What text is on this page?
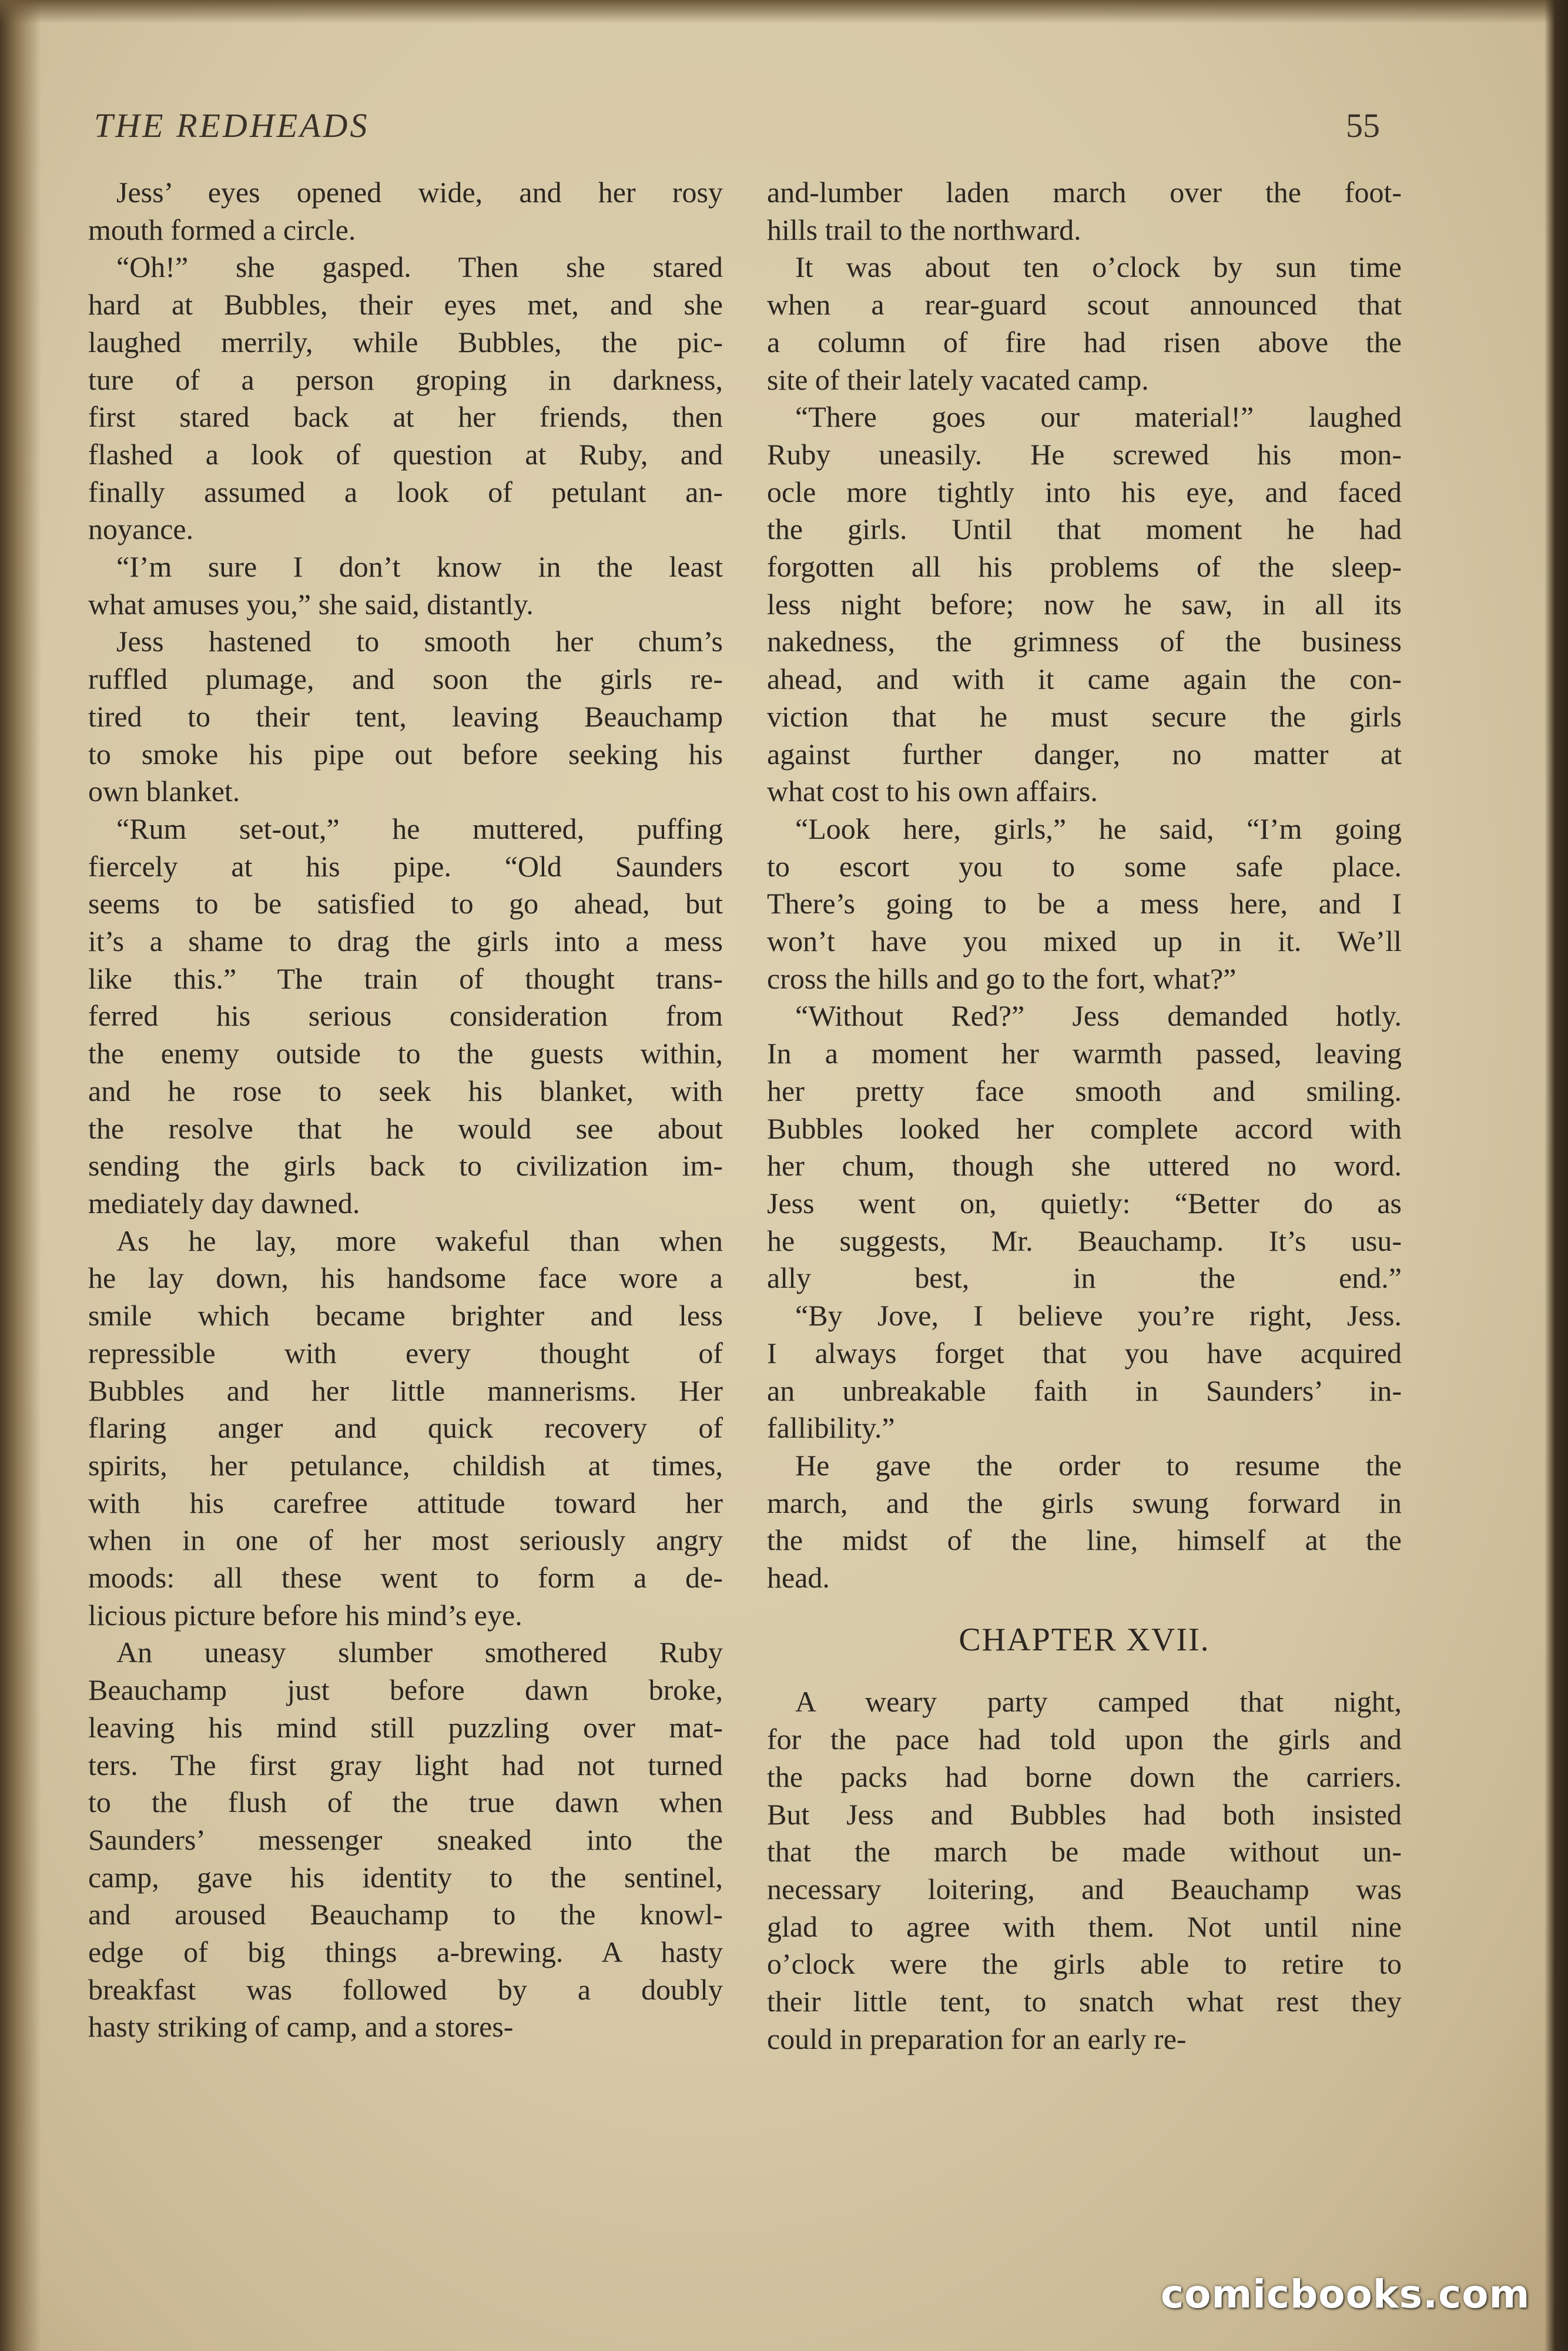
THE REDHEADS	55
Jess’ eyes opened wide, and her rosy
mouth formed a circle.
“Oh!” she gasped. Then she stared
hard at Bubbles, their eyes met, and she
laughed merrily, while Bubbles, the pic-
ture of a person groping in darkness,
first stared back at her friends, then
flashed a look of question at Ruby, and
finally assumed a look of petulant an-
noyance.
“I’m sure I don’t know in the least
what amuses you,” she said, distantly.
Jess hastened to smooth her chum’s
ruffled plumage, and soon the girls re-
tired to their tent, leaving Beauchamp
to smoke his pipe out before seeking his
own blanket.
“Rum set-out,” he muttered, puffing
fiercely at his pipe. “Old Saunders
seems to be satisfied to go ahead, but
it’s a shame to drag the girls into a mess
like this.” The train of thought trans-
ferred his serious consideration from
the enemy outside to the guests within,
and he rose to seek his blanket, with
the resolve that he would see about
sending the girls back to civilization im-
mediately day dawned.
As he lay, more wakeful than when
he lay down, his handsome face wore a
smile which became brighter and less
repressible with every thought of
Bubbles and her little mannerisms. Her
flaring anger and quick recovery of
spirits, her petulance, childish at times,
with his carefree attitude toward her
when in one of her most seriously angry
moods: all these went to form a de-
licious picture before his mind’s eye.
An uneasy slumber smothered Ruby
Beauchamp just before dawn broke,
leaving his mind still puzzling over mat-
ters. The first gray light had not turned
to the flush of the true dawn when
Saunders’ messenger sneaked into the
camp, gave his identity to the sentinel,
and aroused Beauchamp to the knowl-
edge of big things a-brewing. A hasty
breakfast was followed by a doubly
hasty striking of camp, and a stores-
and-lumber laden march over the foot-
hills trail to the northward.
It was about ten o’clock by sun time
when a rear-guard scout announced that
a column of fire had risen above the
site of their lately vacated camp.
“There goes our material!” laughed
Ruby uneasily. He screwed his mon-
ocle more tightly into his eye, and faced
the girls. Until that moment he had
forgotten all his problems of the sleep-
less night before; now he saw, in all its
nakedness, the grimness of the business
ahead, and with it came again the con-
viction that he must secure the girls
against further danger, no matter at
what cost to his own affairs.
“Look here, girls,” he said, “I’m going
to escort you to some safe place.
There’s going to be a mess here, and I
won’t have you mixed up in it. We’ll
cross the hills and go to the fort, what?”
“Without Red?” Jess demanded hotly.
In a moment her warmth passed, leaving
her pretty face smooth and smiling.
Bubbles looked her complete accord with
her chum, though she uttered no word.
Jess went on, quietly: “Better do as
he suggests, Mr. Beauchamp. It’s usu-
ally best, in the end.”
“By Jove, I believe you’re right, Jess.
I always forget that you have acquired
an unbreakable faith in Saunders’ in-
fallibility.”
He gave the order to resume the
march, and the girls swung forward in
the midst of the line, himself at the
head.
CHAPTER XVII.
A weary party camped that night,
for the pace had told upon the girls and
the packs had borne down the carriers.
But Jess and Bubbles had both insisted
that the march be made without un-
necessary loitering, and Beauchamp was
glad to agree with them. Not until nine
o’clock were the girls able to retire to
their little tent, to snatch what rest they
could in preparation for an early re-
comicbooks.com
